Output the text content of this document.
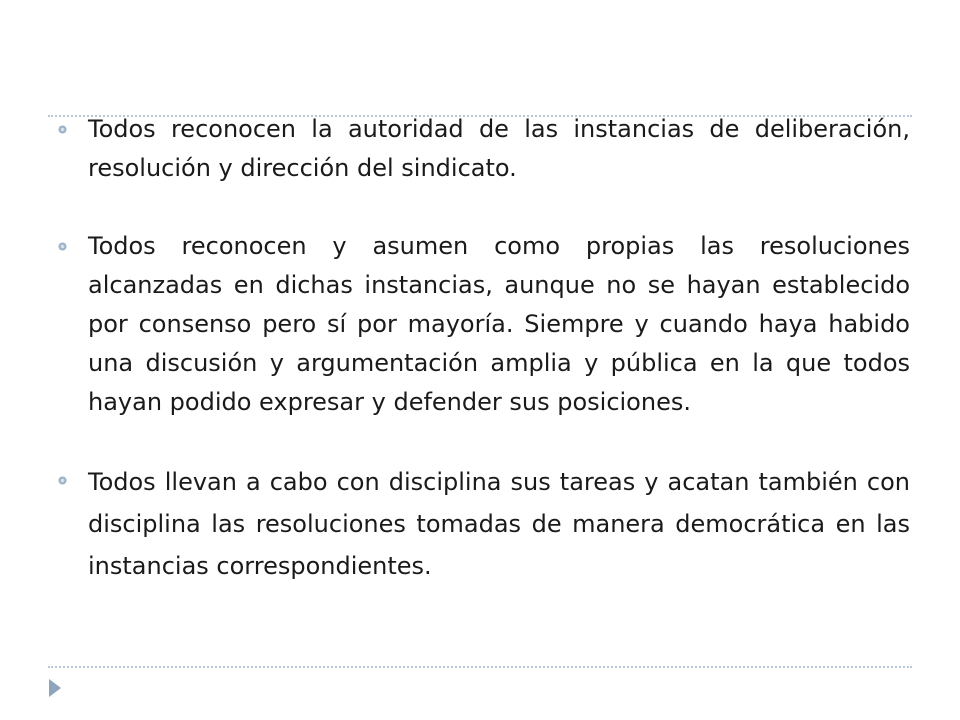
Todos reconocen la autoridad de las instancias de deliberación, resolución y dirección del sindicato.
Todos reconocen y asumen como propias las resoluciones alcanzadas en dichas instancias, aunque no se hayan establecido por consenso pero sí por mayoría. Siempre y cuando haya habido una discusión y argumentación amplia y pública en la que todos hayan podido expresar y defender sus posiciones.
Todos llevan a cabo con disciplina sus tareas y acatan también con disciplina las resoluciones tomadas de manera democrática en las instancias correspondientes.
